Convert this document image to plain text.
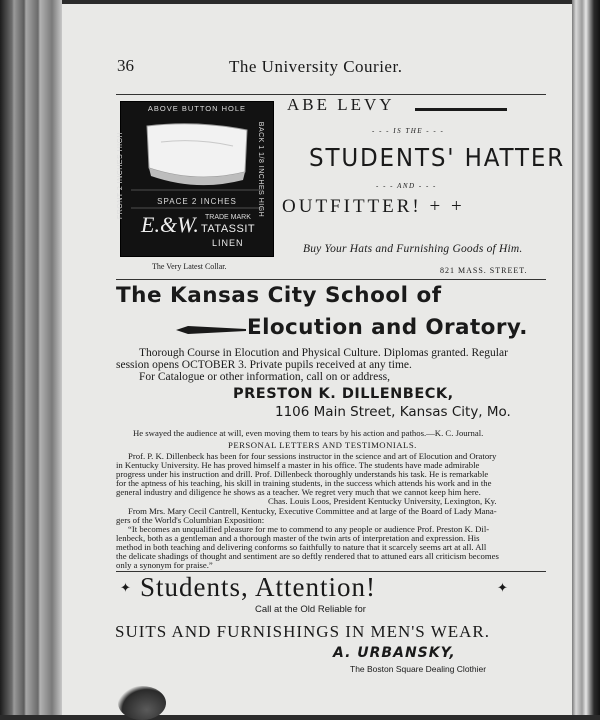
36	The University Courier.
ABOVE BUTTON HOLE
FRONT 2 INCHES HIGH	BACK 1 1/8 INCHES HIGH
SPACE 2 INCHES
E.&W. TRADE MARK
TATASSIT
LINEN
The Very Latest Collar.
ABE LEVY
- - - IS THE - - -
STUDENTS' HATTER
- - - AND - - -
OUTFITTER! + +
Buy Your Hats and Furnishing Goods of Him.
821 MASS. STREET.
The Kansas City School of
Elocution and Oratory.
Thorough Course in Elocution and Physical Culture. Diplomas granted. Regular
session opens OCTOBER 3. Private pupils received at any time.
For Catalogue or other information, call on or address,
PRESTON K. DILLENBECK,
1106 Main Street, Kansas City, Mo.
He swayed the audience at will, even moving them to tears by his action and pathos.—K. C. Journal.
PERSONAL LETTERS AND TESTIMONIALS.
Prof. P. K. Dillenbeck has been for four sessions instructor in the science and art of Elocution and Oratory
in Kentucky University. He has proved himself a master in his office. The students have made admirable
progress under his instruction and drill. Prof. Dillenbeck thoroughly understands his task. He is remarkable
for the aptness of his teaching, his skill in training students, in the success which attends his work and in the
general industry and diligence he shows as a teacher. We regret very much that we cannot keep him here.
Chas. Louis Loos, President Kentucky University, Lexington, Ky.
From Mrs. Mary Cecil Cantrell, Kentucky, Executive Committee and at large of the Board of Lady Mana-
gers of the World's Columbian Exposition:
“It becomes an unqualified pleasure for me to commend to any people or audience Prof. Preston K. Dil-
lenbeck, both as a gentleman and a thorough master of the twin arts of interpretation and expression. His
method in both teaching and delivering conforms so faithfully to nature that it scarcely seems art at all. All
the delicate shadings of thought and sentiment are so deftly rendered that to attuned ears all criticism becomes
only a synonym for praise.”
✦ Students, Attention!	✦
Call at the Old Reliable for
SUITS AND FURNISHINGS IN MEN'S WEAR.
A. URBANSKY,
The Boston Square Dealing Clothier
